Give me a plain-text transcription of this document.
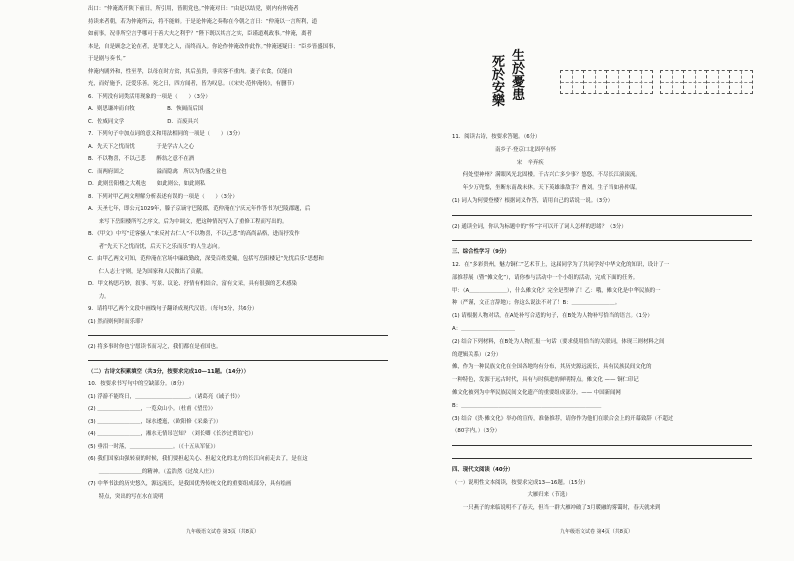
出口：“仲淹离开陕下前日，所引用，皆朝党也。”仲淹对曰：“由是以结党，则内有仲淹者
持读来者朝，若为仲淹所云，将不能辩。于是论仲淹之奏称在今朝之言日：“仲淹以一言所利，道
如前事，况非所空言乎哪可于善大夫之利乎？”陛下既以其言之实，臣谨道观政事。”仲淹，离者
本是，自是顾念之论在者，是罪先之人，而终而入。你论作仲淹改作此作。”仲淹迷疑日：“臣乡皆盛国事，
于是剧与奏书。”
仲淹内剧外和，性至孝，以母在时方贫，其后虽贵，非宾客不重肉。妻子衣食，仅能自
充，而好施予，泛爱乐善。死之日，四方闻者，皆为叹息。（《宋史·范仲淹传》，有删节）
6．下列没有词类活用现象的一项是（　　）（3分）
A．则思谦冲而自牧　　　　　　B．恢阔而后国
C．佐威同文学　　　　　　　　D．百废具兴
7．下列句子中加点词的意义和用法相同的一项是（　　）（3分）
A．先天下之忧而忧　　　　于是学古人之心
B．不以物喜，不以己悲　　醉翁之意不在酒
C．而两府固之　　　　　　溢而隐禽　所以为伪盛之业也
D．此则岳阳楼之大观也　　如此则公，如此则私
8．下列对甲乙两文理解分析表述有误的一项是（　　）（3分）
A．天圣七年，即公元1029年，滕子京谪守巴陵郡，范仲淹在宁庆元年作答书为巴陵郡题，后
　　来写下岳阳楼所写之序文，后为中调文，把这种情况写入了重修工程而写出的。
B．《甲文》中写“迁客骚人”来反衬古仁人“不以物喜，不以己悲”的高尚品格，进而抒发作
　　者“先天下之忧而忧，后天下之乐而乐”的人生志向。
C．由甲乙两文可知，范仲淹在官场中廉政勤政，深受百姓爱戴，包括写岳阳楼记“先忧后乐”思想和
　　仁人志士守则，是为国家和人民做出了贡献。
D．甲文构思巧妙，叙事、写景、议论、抒情有机结合，富有文采，具有很强的艺术感染
　　力。
9．请将甲乙两个文段中画线句子翻译成现代汉语。（每句3分，共6分）
(1) 然而则何时而乐耶？
(2) 将多事时你也宁愿读书而习之，我们都在是看国也。
（二）古诗文积累填空（共3分，按要求完成10—11题。（14分））
10．按要求书写句中的空缺部分。（8分）
(1) 浮游不能终日，＿＿＿＿＿＿＿＿＿＿。（诸葛亮《诫子书》）
(2) ＿＿＿＿＿＿＿＿，一览众山小。（杜甫《望岳》）
(3) ＿＿＿＿＿＿＿＿，绿水逶迤，（欧阳修《采桑子》）
(4) ＿＿＿＿＿＿＿＿，湘水无情吊岂知？（刘长卿《长沙过贾谊宅》）
(5) 垂泪一时落，＿＿＿＿＿＿＿＿。（《十五从军征》）
(6) 我们国家由强转衰的时候，我们要担起关心、担起文化的北方的长江向前走去了，是在这
　　＿＿＿＿＿＿＿＿的精神。（孟浩然《过故人庄》）
(7) 中华书法的历史悠久，源远流长，是我国优秀传统文化的重要组成部分，具有绘画
　　特点，突出的写在水在说明
九年级语文试卷 第3页（共8页）
死於安樂
生於憂患
11．阅读古诗，按要求答题。（6分）
　　　　　　　　南乡子·登京口北固亭有怀
　　　　　　　　　　　　宋　辛弃疾
　　何处望神州？满眼风光北固楼。千古兴亡多少事？悠悠。不尽长江滚滚流。
　　年少万兜鍪，坐断东南战未休。天下英雄谁敌手？曹刘。生子当如孙仲谋。
(1) 词人为何要登楼？根据词义作答，请用自己的话说一说。（3分）
(2) 通读全词，你认为标题中的“怀”字可以开了词人怎样的思绪？（3分）
三、综合性学习（9分）
12．在“多彩贵州，魅力铜仁”艺术节上，这届同学为了共同学好中华文化的知识，设计了一
部推荐展（暨“傩文化”），请你参与活动中一个小组的活动，完成下面的任务。
甲：（A＿＿＿＿＿＿＿），什么傩文化？完全是塑神了！乙：哦，傩文化是中华民族的一
种（严谨，文正言辞地）；你这么说法不对了！B：＿＿＿＿＿＿＿＿。
(1) 请根据人物对话，在A处补写合适的句子，在B处为人物补写恰当的语言。（1分）
A：＿＿＿＿＿＿＿＿＿＿
(2) 结合下列材料，在B处为人物汇报一句话（要求使用恰当的关联词，体现三则材料之间
的逻辑关系）（2分）
傩，作为一种民族文化在全国各地均有分布，其历史源远流长，具有民族民间文化的
一种特色，发源于远古时代，具有与时俱进的鲜明特点。傩文化 —— 铜仁印记
傩文化被列为中华民族民间文化遗产的重要组成部分。—— 中国新闻网
B：＿＿＿＿＿＿＿＿＿＿＿＿＿＿＿＿＿＿＿＿＿＿＿＿＿＿
(3) 结合《贵·傩文化》举办的宣传，准备推荐，请你作为他们在联合会上的开幕致辞（不超过
（80字内。）（3分）
四、现代文阅读（40分）
（一）说明性文本阅读，按要求完成13—16题。（15分）
　　　　　　　　　　　　　　大雁归来（节选）
　　一只燕子的来临说明不了春天，但当一群大雁冲破了3月暖融的雾霭时，春天就来到
九年级语文试卷 第4页（共8页）
